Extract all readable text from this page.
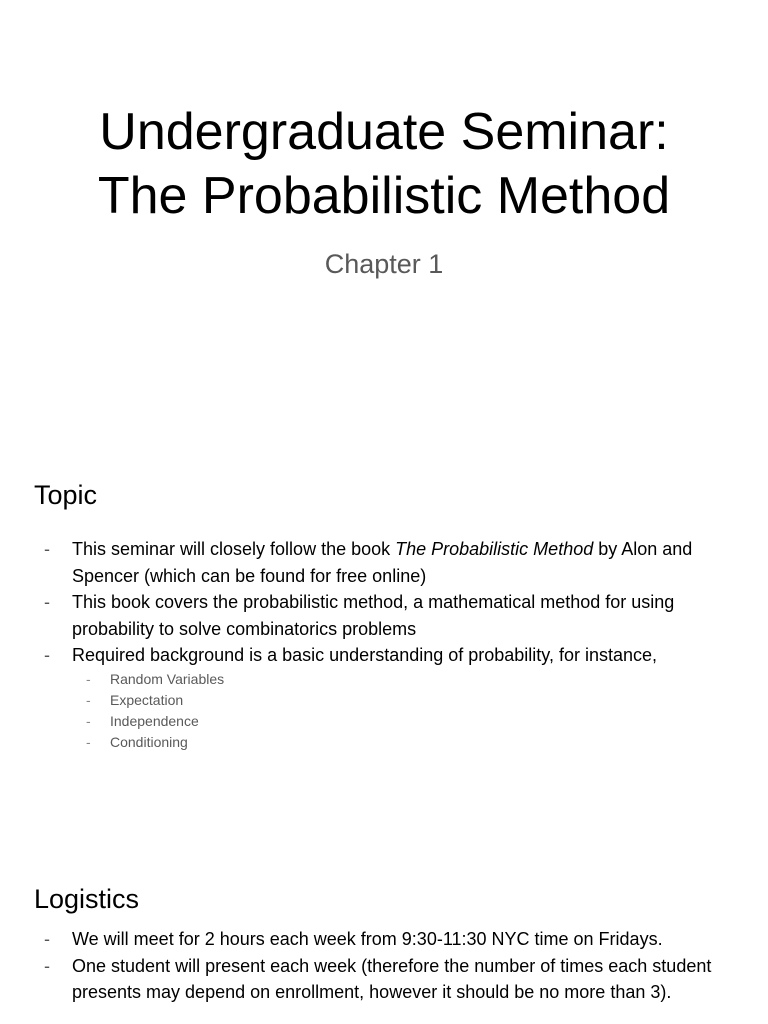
Undergraduate Seminar:
The Probabilistic Method

Chapter 1

Topic
-	This seminar will closely follow the book The Probabilistic Method by Alon and Spencer (which can be found for free online)
-	This book covers the probabilistic method, a mathematical method for using probability to solve combinatorics problems
-	Required background is a basic understanding of probability, for instance,
-	Random Variables
-	Expectation
-	Independence
-	Conditioning
Logistics
-	We will meet for 2 hours each week from 9:30-11:30 NYC time on Fridays.
-	One student will present each week (therefore the number of times each student presents may depend on enrollment, however it should be no more than 3).
